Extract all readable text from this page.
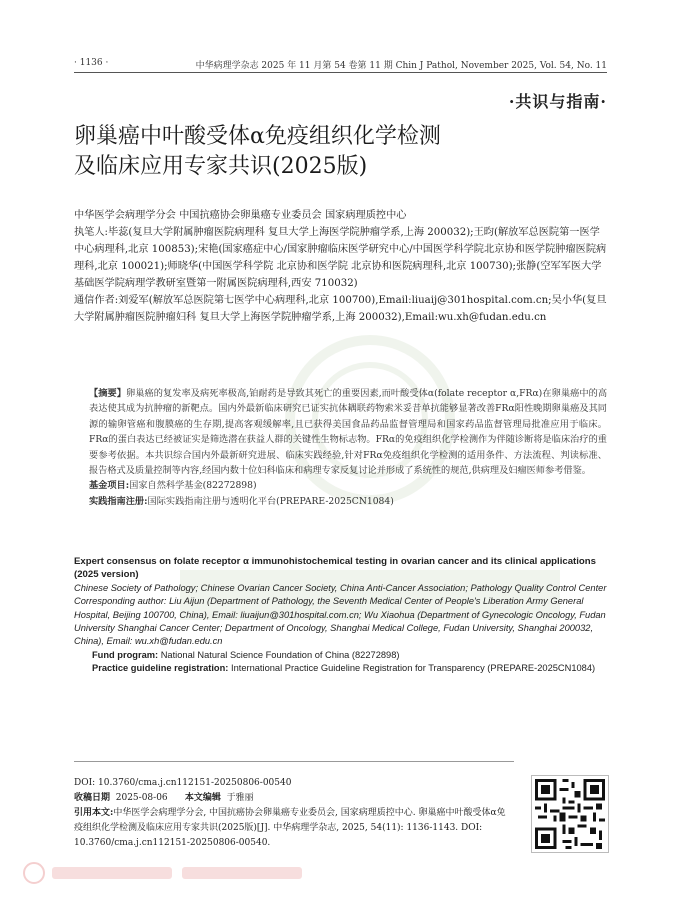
· 1136 ·	中华病理学杂志 2025 年 11 月第 54 卷第 11 期 Chin J Pathol, November 2025, Vol. 54, No. 11
·共识与指南·
卵巢癌中叶酸受体α免疫组织化学检测
及临床应用专家共识(2025版)

中华医学会病理学分会 中国抗癌协会卵巢癌专业委员会 国家病理质控中心

执笔人:毕蕊(复旦大学附属肿瘤医院病理科 复旦大学上海医学院肿瘤学系,上海 200032);王昀(解放军总医院第一医学中心病理科,北京 100853);宋艳(国家癌症中心/国家肿瘤临床医学研究中心/中国医学科学院北京协和医学院肿瘤医院病理科,北京 100021);师晓华(中国医学科学院 北京协和医学院 北京协和医院病理科,北京 100730);张静(空军军医大学基础医学院病理学教研室暨第一附属医院病理科,西安 710032)

通信作者:刘爱军(解放军总医院第七医学中心病理科,北京 100700),Email:liuaij@301hospital.com.cn;吴小华(复旦大学附属肿瘤医院肿瘤妇科 复旦大学上海医学院肿瘤学系,上海 200032),Email:wu.xh@fudan.edu.cn

【摘要】卵巢癌的复发率及病死率极高,铂耐药是导致其死亡的重要因素,而叶酸受体α(folate receptor α,FRα)在卵巢癌中的高表达使其成为抗肿瘤的新靶点。国内外最新临床研究已证实抗体耦联药物索米妥昔单抗能够显著改善FRα阳性晚期卵巢癌及其同源的输卵管癌和腹膜癌的生存期,提高客观缓解率,且已获得美国食品药品监督管理局和国家药品监督管理局批准应用于临床。FRα的蛋白表达已经被证实是筛选潜在获益人群的关键性生物标志物。FRα的免疫组织化学检测作为伴随诊断将是临床治疗的重要参考依据。本共识综合国内外最新研究进展、临床实践经验,针对FRα免疫组织化学检测的适用条件、方法流程、判读标准、报告格式及质量控制等内容,经国内数十位妇科临床和病理专家反复讨论并形成了系统性的规范,供病理及妇瘤医师参考借鉴。

基金项目:国家自然科学基金(82272898)

实践指南注册:国际实践指南注册与透明化平台(PREPARE-2025CN1084)

Expert consensus on folate receptor α immunohistochemical testing in ovarian cancer and its clinical applications (2025 version)

Chinese Society of Pathology; Chinese Ovarian Cancer Society, China Anti-Cancer Association; Pathology Quality Control Center

Corresponding author: Liu Aijun (Department of Pathology, the Seventh Medical Center of People's Liberation Army General Hospital, Beijing 100700, China), Email: liuaijun@301hospital.com.cn; Wu Xiaohua (Department of Gynecologic Oncology, Fudan University Shanghai Cancer Center; Department of Oncology, Shanghai Medical College, Fudan University, Shanghai 200032, China), Email: wu.xh@fudan.edu.cn

Fund program: National Natural Science Foundation of China (82272898)

Practice guideline registration: International Practice Guideline Registration for Transparency (PREPARE-2025CN1084)

DOI: 10.3760/cma.j.cn112151-20250806-00540

收稿日期 2025-08-06 本文编辑 于雅丽

引用本文:中华医学会病理学分会, 中国抗癌协会卵巢癌专业委员会, 国家病理质控中心. 卵巢癌中叶酸受体α免疫组织化学检测及临床应用专家共识(2025版)[J]. 中华病理学杂志, 2025, 54(11): 1136-1143. DOI: 10.3760/cma.j.cn112151-20250806-00540.
